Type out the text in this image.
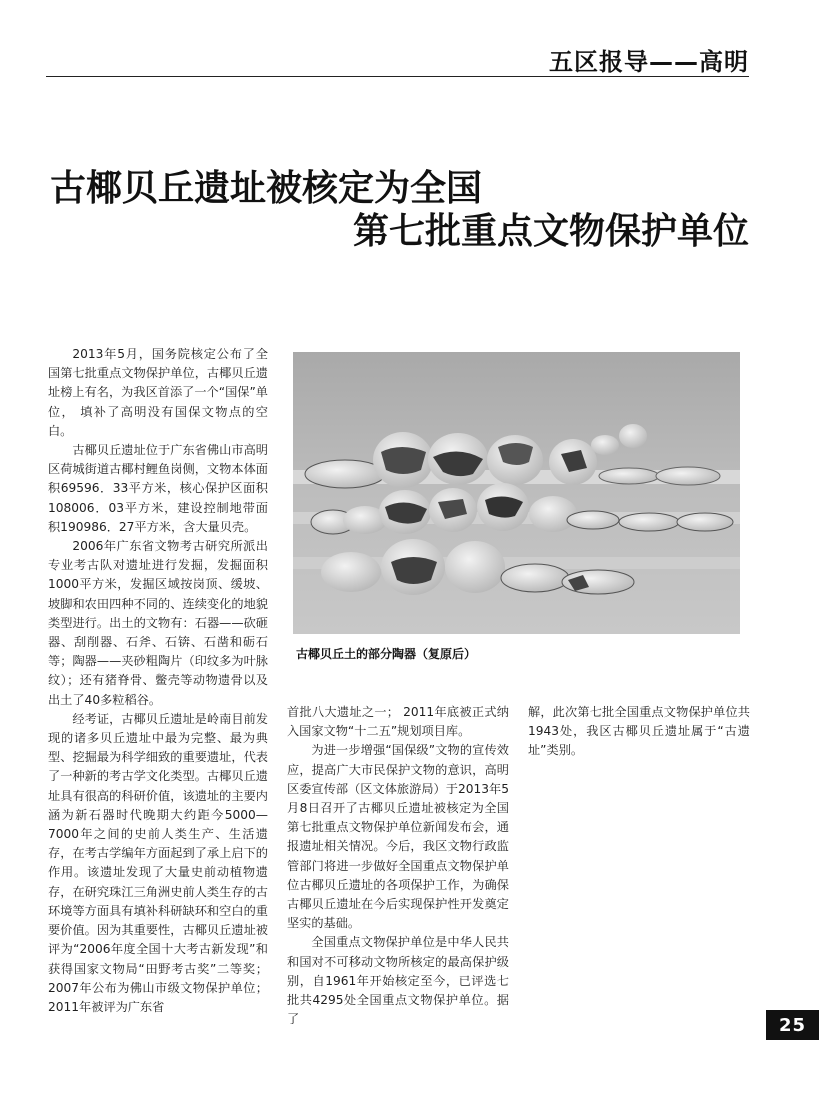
五区报导——高明
古椰贝丘遗址被核定为全国
第七批重点文物保护单位

2013年5月，国务院核定公布了全国第七批重点文物保护单位，古椰贝丘遗址榜上有名，为我区首添了一个“国保”单位， 填补了高明没有国保文物点的空白。

古椰贝丘遗址位于广东省佛山市高明区荷城街道古椰村鲤鱼岗侧，文物本体面积69596．33平方米，核心保护区面积108006．03平方米，建设控制地带面积190986．27平方米，含大量贝壳。

2006年广东省文物考古研究所派出专业考古队对遗址进行发掘，发掘面积1000平方米，发掘区域按岗顶、缓坡、坡脚和农田四种不同的、连续变化的地貌类型进行。出土的文物有：石器——砍砸器、刮削器、石斧、石锛、石凿和砺石等；陶器——夹砂粗陶片（印纹多为叶脉纹）；还有猪脊骨、鳖壳等动物遗骨以及出土了40多粒稻谷。

经考证，古椰贝丘遗址是岭南目前发现的诸多贝丘遗址中最为完整、最为典型、挖掘最为科学细致的重要遗址，代表了一种新的考古学文化类型。古椰贝丘遗址具有很高的科研价值，该遗址的主要内涵为新石器时代晚期大约距今5000—7000年之间的史前人类生产、生活遗存，在考古学编年方面起到了承上启下的作用。该遗址发现了大量史前动植物遗存，在研究珠江三角洲史前人类生存的古环境等方面具有填补科研缺环和空白的重要价值。因为其重要性，古椰贝丘遗址被评为“2006年度全国十大考古新发现”和获得国家文物局“田野考古奖”二等奖；2007年公布为佛山市级文物保护单位；2011年被评为广东省

古椰贝丘土的部分陶器（复原后）

首批八大遗址之一； 2011年底被正式纳入国家文物“十二五”规划项目库。

为进一步增强“国保级”文物的宣传效应，提高广大市民保护文物的意识，高明区委宣传部（区文体旅游局）于2013年5月8日召开了古椰贝丘遗址被核定为全国第七批重点文物保护单位新闻发布会，通报遗址相关情况。今后，我区文物行政监管部门将进一步做好全国重点文物保护单位古椰贝丘遗址的各项保护工作，为确保古椰贝丘遗址在今后实现保护性开发奠定坚实的基础。

全国重点文物保护单位是中华人民共和国对不可移动文物所核定的最高保护级别，自1961年开始核定至今，已评选七批共4295处全国重点文物保护单位。据了

解，此次第七批全国重点文物保护单位共1943处，我区古椰贝丘遗址属于“古遗址”类别。

25
